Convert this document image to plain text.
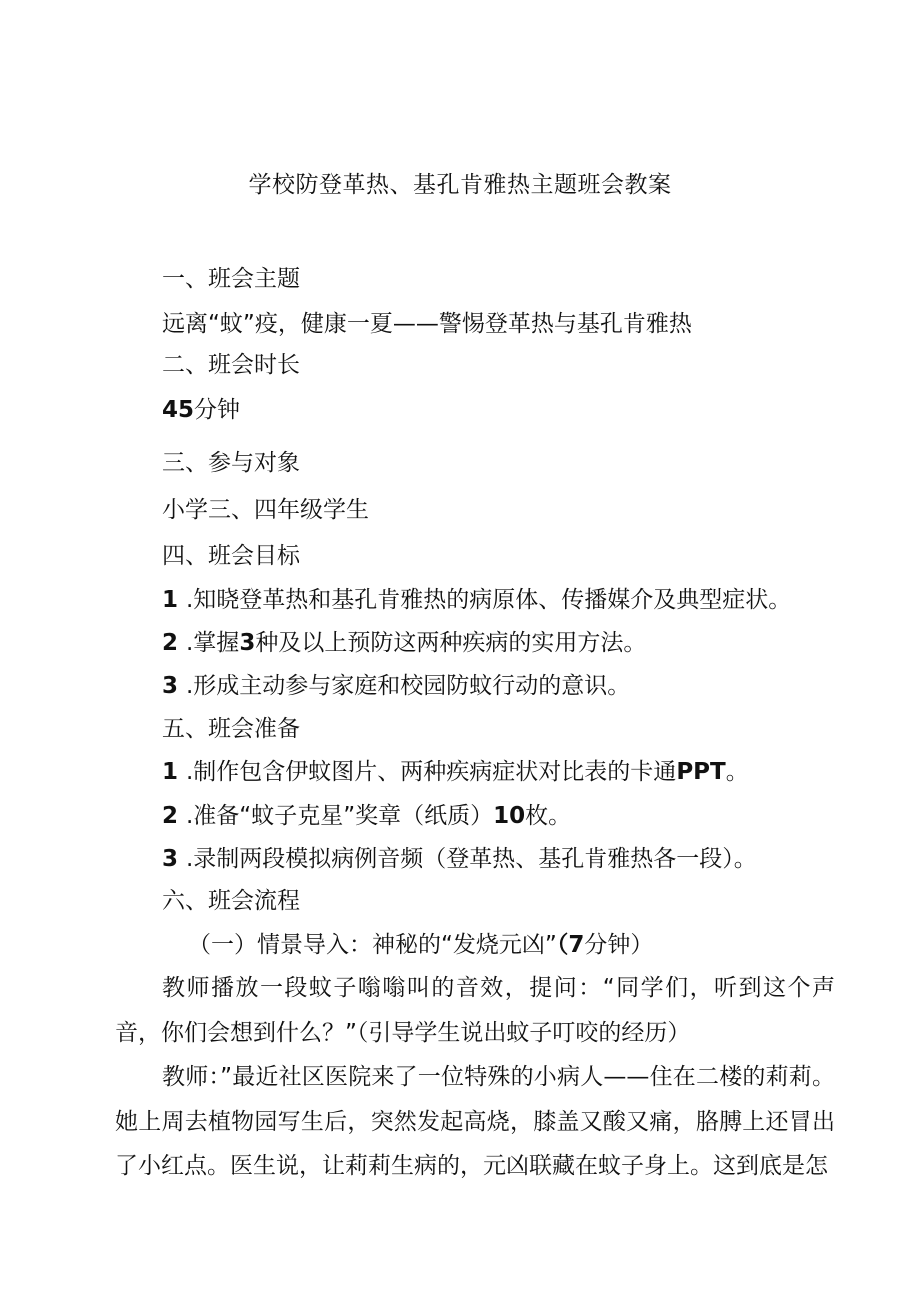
学校防登革热、基孔肯雅热主题班会教案
一、班会主题
远离“蚊”疫，健康一夏——警惕登革热与基孔肯雅热
二、班会时长
45分钟
三、参与对象
小学三、四年级学生
四、班会目标
1 .知晓登革热和基孔肯雅热的病原体、传播媒介及典型症状。
2 .掌握3种及以上预防这两种疾病的实用方法。
3 .形成主动参与家庭和校园防蚊行动的意识。
五、班会准备
1 .制作包含伊蚊图片、两种疾病症状对比表的卡通PPT。
2 .准备“蚊子克星”奖章（纸质）10枚。
3 .录制两段模拟病例音频（登革热、基孔肯雅热各一段）。
六、班会流程
（一）情景导入：神秘的“发烧元凶”（7分钟）
教师播放一段蚊子嗡嗡叫的音效，提问：“同学们，听到这个声音，你们会想到什么？”（引导学生说出蚊子叮咬的经历）
教师：”最近社区医院来了一位特殊的小病人——住在二楼的莉莉。她上周去植物园写生后，突然发起高烧，膝盖又酸又痛，胳膊上还冒出了小红点。医生说，让莉莉生病的，元凶联藏在蚊子身上。这到底是怎
